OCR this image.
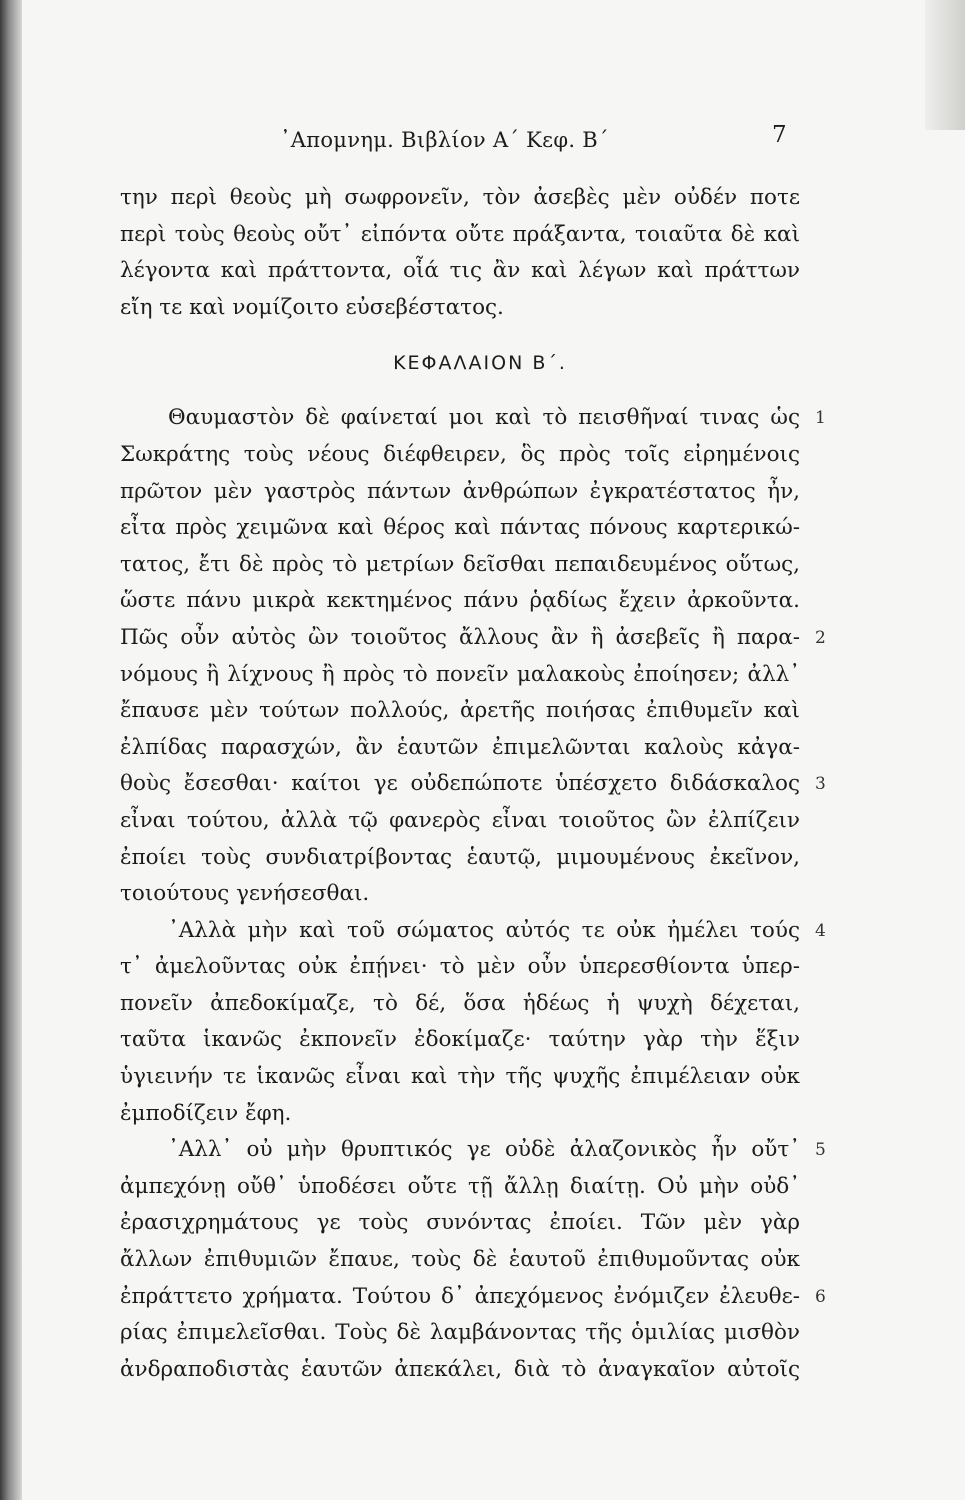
᾽Απομνημ. Βιβλίον Α΄ Κεφ. Β΄	7
την περὶ θεοὺς μὴ σωφρονεῖν, τὸν ἀσεβὲς μὲν οὐδέν ποτε
περὶ τοὺς θεοὺς οὔτ᾽ εἰπόντα οὔτε πράξαντα, τοιαῦτα δὲ καὶ
λέγοντα καὶ πράττοντα, οἷά τις ἂν καὶ λέγων καὶ πράττων
εἴη τε καὶ νομίζοιτο εὐσεβέστατος.
ΚΕΦΑΛΑΙΟΝ Β΄.
Θαυμαστὸν δὲ φαίνεταί μοι καὶ τὸ πεισθῆναί τινας ὡς 1
Σωκράτης τοὺς νέους διέφθειρεν, ὃς πρὸς τοῖς εἰρημένοις
πρῶτον μὲν γαστρὸς πάντων ἀνθρώπων ἐγκρατέστατος ἦν,
εἶτα πρὸς χειμῶνα καὶ θέρος καὶ πάντας πόνους καρτερικώ-
τατος, ἔτι δὲ πρὸς τὸ μετρίων δεῖσθαι πεπαιδευμένος οὕτως,
ὥστε πάνυ μικρὰ κεκτημένος πάνυ ῥᾳδίως ἔχειν ἀρκοῦντα.
Πῶς οὖν αὐτὸς ὢν τοιοῦτος ἄλλους ἂν ἢ ἀσεβεῖς ἢ παρα- 2
νόμους ἢ λίχνους ἢ πρὸς τὸ πονεῖν μαλακοὺς ἐποίησεν; ἀλλ᾽
ἔπαυσε μὲν τούτων πολλούς, ἀρετῆς ποιήσας ἐπιθυμεῖν καὶ
ἐλπίδας παρασχών, ἂν ἑαυτῶν ἐπιμελῶνται καλοὺς κἀγα-
θοὺς ἔσεσθαι· καίτοι γε οὐδεπώποτε ὑπέσχετο διδάσκαλος 3
εἶναι τούτου, ἀλλὰ τῷ φανερὸς εἶναι τοιοῦτος ὢν ἐλπίζειν
ἐποίει τοὺς συνδιατρίβοντας ἑαυτῷ, μιμουμένους ἐκεῖνον,
τοιούτους γενήσεσθαι.
᾽Αλλὰ μὴν καὶ τοῦ σώματος αὐτός τε οὐκ ἠμέλει τούς 4
τ᾽ ἀμελοῦντας οὐκ ἐπῄνει· τὸ μὲν οὖν ὑπερεσθίοντα ὑπερ-
πονεῖν ἀπεδοκίμαζε, τὸ δέ, ὅσα ἡδέως ἡ ψυχὴ δέχεται,
ταῦτα ἱκανῶς ἐκπονεῖν ἐδοκίμαζε· ταύτην γὰρ τὴν ἕξιν
ὑγιεινήν τε ἱκανῶς εἶναι καὶ τὴν τῆς ψυχῆς ἐπιμέλειαν οὐκ
ἐμποδίζειν ἔφη.
᾽Αλλ᾽ οὐ μὴν θρυπτικός γε οὐδὲ ἀλαζονικὸς ἦν οὔτ᾽ 5
ἀμπεχόνῃ οὔθ᾽ ὑποδέσει οὔτε τῇ ἄλλῃ διαίτῃ. Οὐ μὴν οὐδ᾽
ἐρασιχρημάτους γε τοὺς συνόντας ἐποίει. Τῶν μὲν γὰρ
ἄλλων ἐπιθυμιῶν ἔπαυε, τοὺς δὲ ἑαυτοῦ ἐπιθυμοῦντας οὐκ
ἐπράττετο χρήματα. Τούτου δ᾽ ἀπεχόμενος ἐνόμιζεν ἐλευθε- 6
ρίας ἐπιμελεῖσθαι. Τοὺς δὲ λαμβάνοντας τῆς ὁμιλίας μισθὸν
ἀνδραποδιστὰς ἑαυτῶν ἀπεκάλει, διὰ τὸ ἀναγκαῖον αὐτοῖς
